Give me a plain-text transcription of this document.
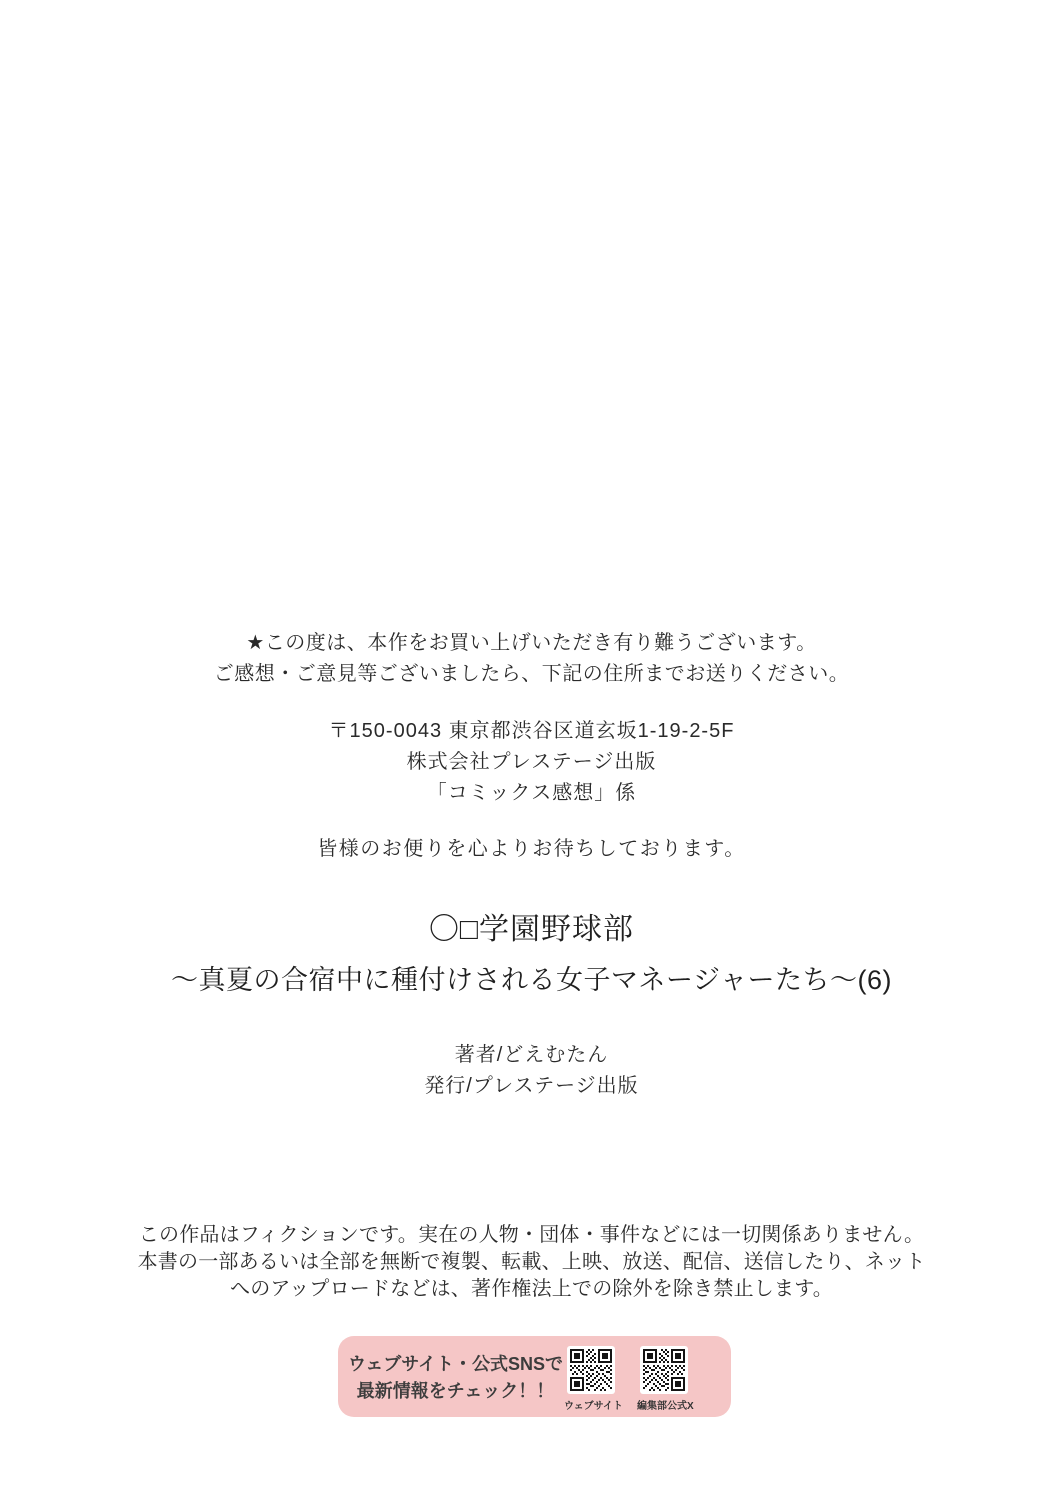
★この度は、本作をお買い上げいただき有り難うございます。
ご感想・ご意見等ございましたら、下記の住所までお送りください。
〒150-0043 東京都渋谷区道玄坂1-19-2-5F
株式会社プレステージ出版
「コミックス感想」係
皆様のお便りを心よりお待ちしております。
〇□学園野球部
～真夏の合宿中に種付けされる女子マネージャーたち～(6)
著者/どえむたん
発行/プレステージ出版
この作品はフィクションです。実在の人物・団体・事件などには一切関係ありません。
本書の一部あるいは全部を無断で複製、転載、上映、放送、配信、送信したり、ネット
へのアップロードなどは、著作権法上での除外を除き禁止します。
ウェブサイト・公式SNSで
最新情報をチェック！！
ウェブサイト 編集部公式X
